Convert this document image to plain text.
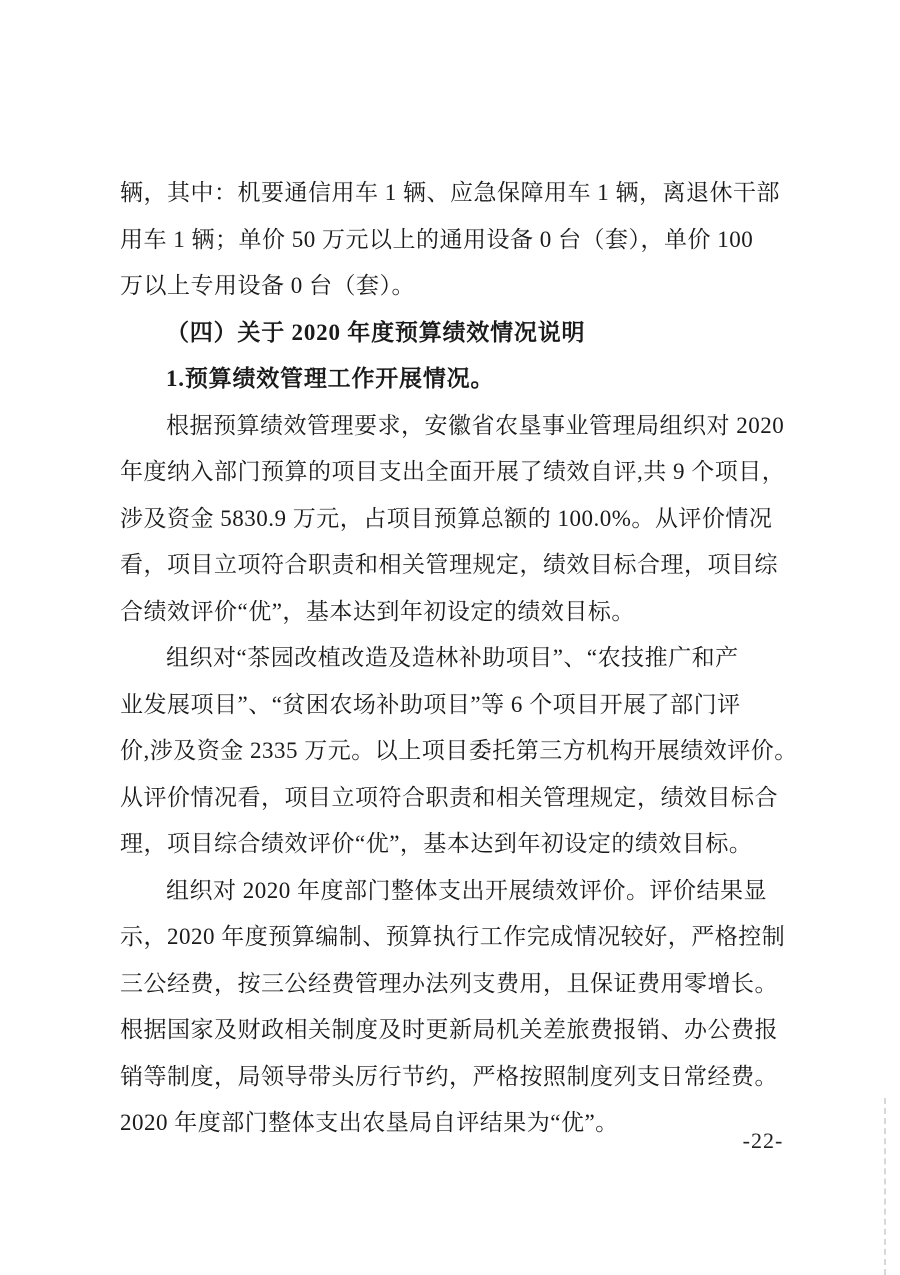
辆，其中：机要通信用车 1 辆、应急保障用车 1 辆，离退休干部
用车 1 辆；单价 50 万元以上的通用设备 0 台（套），单价 100
万以上专用设备 0 台（套）。
（四）关于 2020 年度预算绩效情况说明
1.预算绩效管理工作开展情况。
根据预算绩效管理要求，安徽省农垦事业管理局组织对 2020
年度纳入部门预算的项目支出全面开展了绩效自评,共 9 个项目，
涉及资金 5830.9 万元，占项目预算总额的 100.0%。从评价情况
看，项目立项符合职责和相关管理规定，绩效目标合理，项目综
合绩效评价“优”，基本达到年初设定的绩效目标。
组织对“茶园改植改造及造林补助项目”、“农技推广和产
业发展项目”、“贫困农场补助项目”等 6 个项目开展了部门评
价,涉及资金 2335 万元。以上项目委托第三方机构开展绩效评价。
从评价情况看，项目立项符合职责和相关管理规定，绩效目标合
理，项目综合绩效评价“优”，基本达到年初设定的绩效目标。
组织对 2020 年度部门整体支出开展绩效评价。评价结果显
示，2020 年度预算编制、预算执行工作完成情况较好，严格控制
三公经费，按三公经费管理办法列支费用，且保证费用零增长。
根据国家及财政相关制度及时更新局机关差旅费报销、办公费报
销等制度，局领导带头厉行节约，严格按照制度列支日常经费。
2020 年度部门整体支出农垦局自评结果为“优”。
-22-
